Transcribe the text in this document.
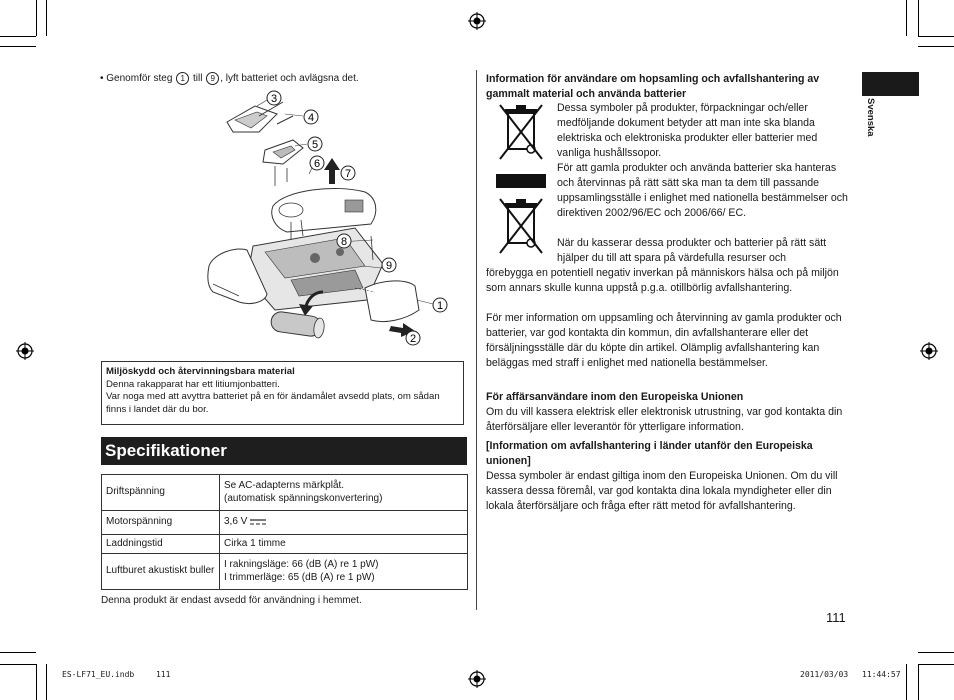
• Genomför steg 1 till 9 , lyft batteriet och avlägsna det.
3
4
5
6
7
8
9
1
2
Miljöskydd och återvinningsbara material
Denna rakapparat har ett litiumjonbatteri.
Var noga med att avyttra batteriet på en för ändamålet avsedd plats, om sådan finns i landet där du bor.
Specifikationer
Driftspänning	Se AC-adapterns märkplåt.
(automatisk spänningskonvertering)

Motorspänning	3,6 V
Laddningstid	Cirka 1 timme
Luftburet akustiskt buller	I rakningsläge: 66 (dB (A) re 1 pW)
I trimmerläge: 65 (dB (A) re 1 pW)
Denna produkt är endast avsedd för användning i hemmet.
Information för användare om hopsamling och avfallshantering av gammalt material och använda batterier
Dessa symboler på produkter, förpackningar och/eller medföljande dokument betyder att man inte ska blanda elektriska och elektroniska produkter eller batterier med vanliga hushållssopor.
För att gamla produkter och använda batterier ska hanteras och återvinnas på rätt sätt ska man ta dem till passande uppsamlingsställe i enlighet med nationella bestämmelser och direktiven 2002/96/EC och 2006/66/ EC.
När du kasserar dessa produkter och batterier på rätt sätt hjälper du till att spara på värdefulla resurser och
förebygga en potentiell negativ inverkan på människors hälsa och på miljön som annars skulle kunna uppstå p.g.a. otillbörlig avfallshantering.
För mer information om uppsamling och återvinning av gamla produkter och batterier, var god kontakta din kommun, din avfallshanterare eller det försäljningsställe där du köpte din artikel. Olämplig avfallshantering kan beläggas med straff i enlighet med nationella bestämmelser.
För affärsanvändare inom den Europeiska Unionen
Om du vill kassera elektrisk eller elektronisk utrustning, var god kontakta din återförsäljare eller leverantör för ytterligare information.
[Information om avfallshantering i länder utanför den Europeiska unionen]
Dessa symboler är endast giltiga inom den Europeiska Unionen. Om du vill kassera dessa föremål, var god kontakta dina lokala myndigheter eller din lokala återförsäljare och fråga efter rätt metod för avfallshantering.
Svenska
111
ES-LF71_EU.indb	111	2011/03/03 11:44:57
